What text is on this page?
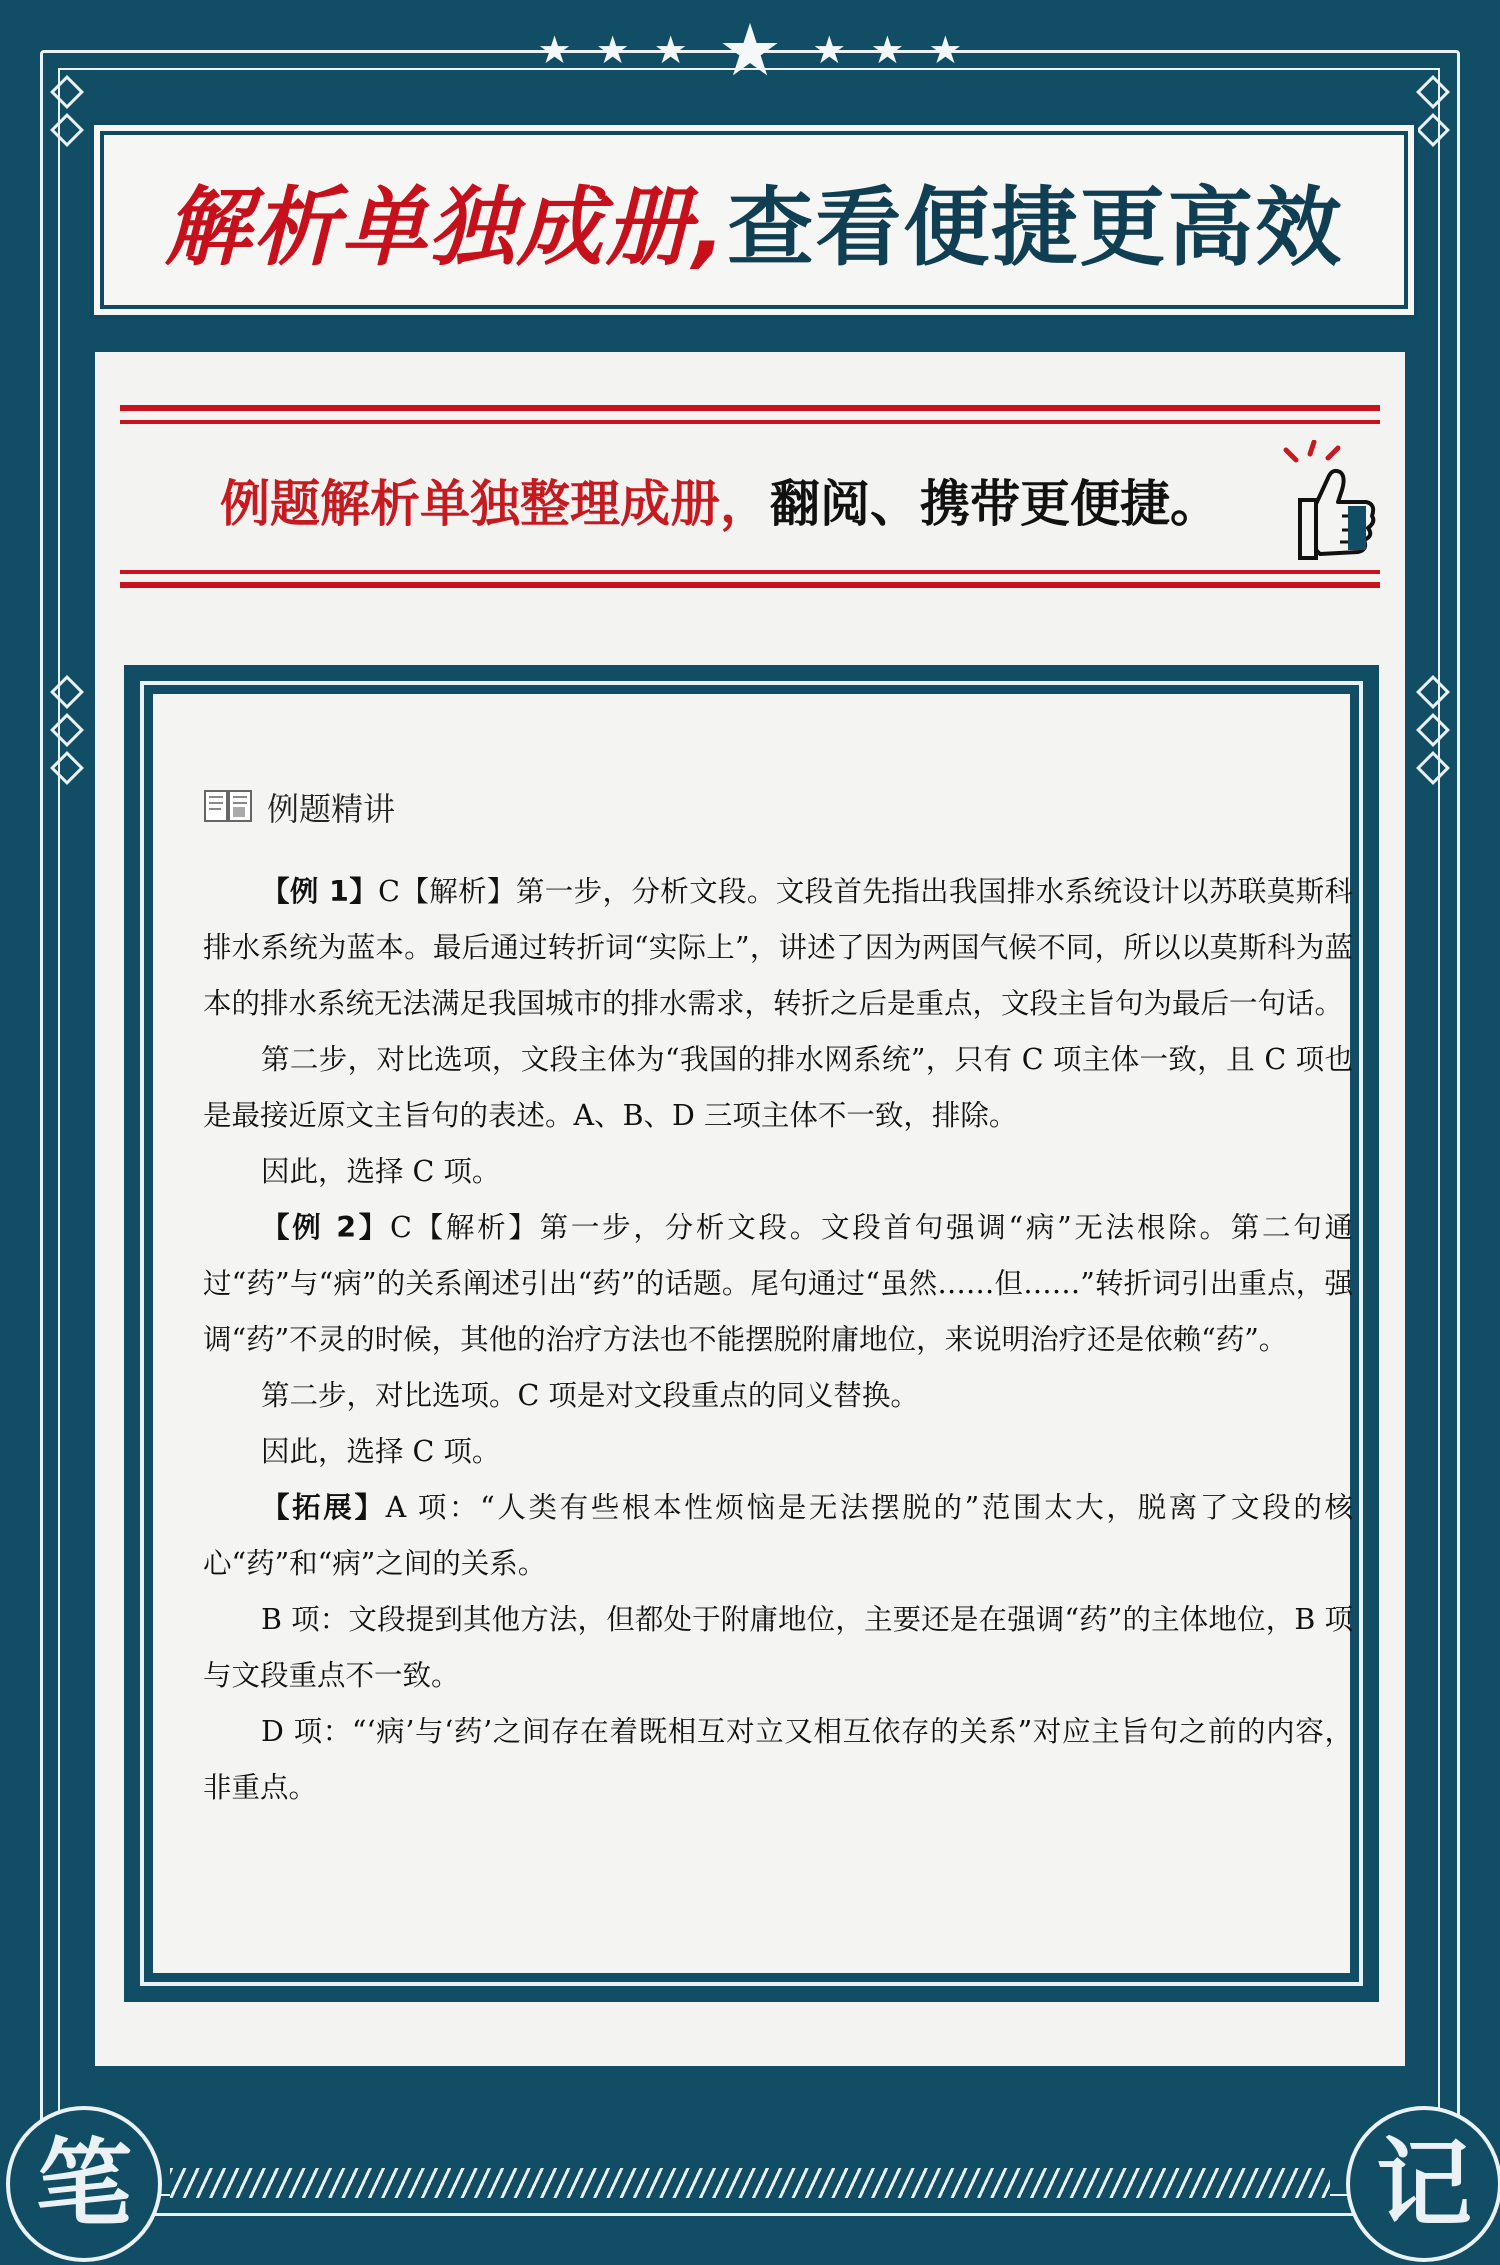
★ ★ ★ ★ ★ ★ ★
解析单独成册, 查看便捷更高效
例题解析单独整理成册， 翻阅、携带更便捷。
例题精讲

【例 1】C【解析】第一步，分析文段。文段首先指出我国排水系统设计以苏联莫斯科排水系统为蓝本。最后通过转折词“实际上”，讲述了因为两国气候不同，所以以莫斯科为蓝本的排水系统无法满足我国城市的排水需求，转折之后是重点，文段主旨句为最后一句话。

第二步，对比选项，文段主体为“我国的排水网系统”，只有 C 项主体一致，且 C 项也是最接近原文主旨句的表述。A、B、D 三项主体不一致，排除。

因此，选择 C 项。

【例 2】C【解析】第一步，分析文段。文段首句强调“病”无法根除。第二句通过“药”与“病”的关系阐述引出“药”的话题。尾句通过“虽然……但……”转折词引出重点，强调“药”不灵的时候，其他的治疗方法也不能摆脱附庸地位，来说明治疗还是依赖“药”。

第二步，对比选项。C 项是对文段重点的同义替换。

因此，选择 C 项。

【拓展】A 项：“人类有些根本性烦恼是无法摆脱的”范围太大，脱离了文段的核心“药”和“病”之间的关系。

B 项：文段提到其他方法，但都处于附庸地位，主要还是在强调“药”的主体地位，B 项与文段重点不一致。

D 项：“‘病’与‘药’之间存在着既相互对立又相互依存的关系”对应主旨句之前的内容，非重点。

笔	记
